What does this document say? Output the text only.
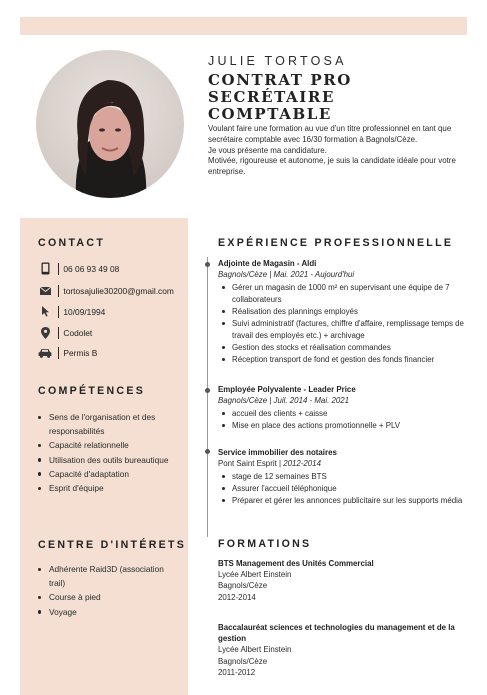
JULIE TORTOSA
CONTRAT PRO SECRÉTAIRE
COMPTABLE

Voulant faire une formation au vue d'un titre professionnel en tant que secrétaire comptable avec 16/30 formation à Bagnols/Cèze.

Je vous présente ma candidature.

Motivée, rigoureuse et autonome, je suis la candidate idéale pour votre entreprise.

CONTACT
06 06 93 49 08
tortosajulie30200@gmail.com
10/09/1994
Codolet
Permis B
COMPÉTENCES
Sens de l'organisation et des responsabilités
Capacité relationnelle
Utilisation des outils bureautique
Capacité d'adaptation
Esprit d'équipe
CENTRE D'INTÉRETS
Adhérente Raid3D (association trail)
Course à pied
Voyage
EXPÉRIENCE PROFESSIONNELLE
Adjointe de Magasin - Aldi
Bagnols/Cèze | Mai. 2021 - Aujourd'hui
Gérer un magasin de 1000 m² en supervisant une équipe de 7 collaborateurs
Réalisation des plannings employés
Suivi administratif (factures, chiffre d'affaire, remplissage temps de travail des employés etc.) + archivage
Gestion des stocks et réalisation commandes
Réception transport de fond et gestion des fonds financier
Employée Polyvalente - Leader Price
Bagnols/Cèze | Juil. 2014 - Mai. 2021
accueil des clients + caisse
Mise en place des actions promotionnelle + PLV
Service immobilier des notaires
Pont Saint Esprit | 2012-2014
stage de 12 semaines BTS
Assurer l'accueil téléphonique
Préparer et gérer les annonces publicitaire sur les supports média
FORMATIONS
BTS Management des Unités Commercial
Lycée Albert Einstein
Bagnols/Cèze
2012-2014
Baccalauréat sciences et technologies du management et de la gestion
Lycée Albert Einstein
Bagnols/Cèze
2011-2012
